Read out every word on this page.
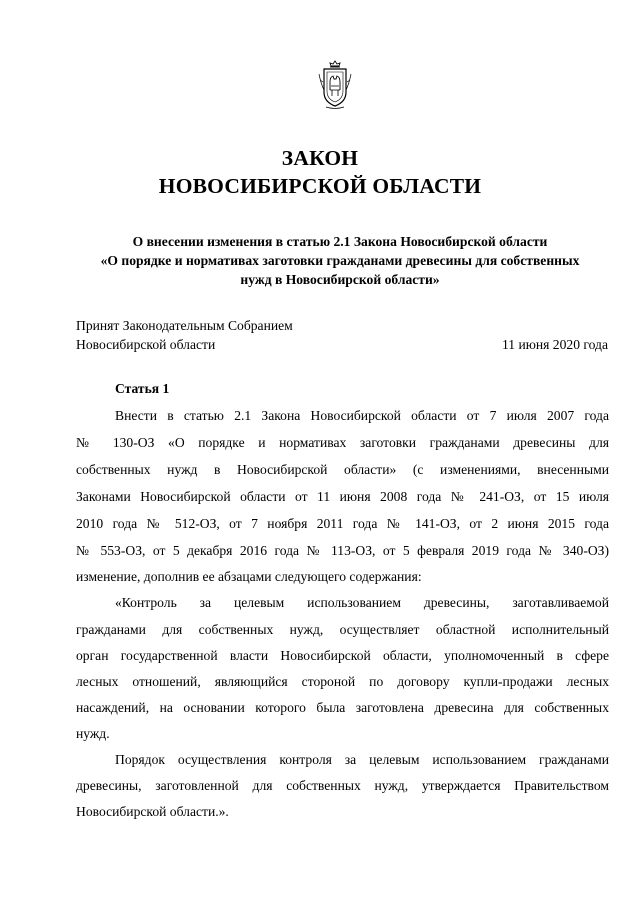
ЗАКОН
НОВОСИБИРСКОЙ ОБЛАСТИ
О внесении изменения в статью 2.1 Закона Новосибирской области
«О порядке и нормативах заготовки гражданами древесины для собственных
нужд в Новосибирской области»
Принят Законодательным Собранием
Новосибирской области	11 июня 2020 года
Статья 1
Внести в статью 2.1 Закона Новосибирской области от 7 июля 2007 года
№ 130-ОЗ «О порядке и нормативах заготовки гражданами древесины для
собственных нужд в Новосибирской области» (с изменениями, внесенными
Законами Новосибирской области от 11 июня 2008 года № 241-ОЗ, от 15 июля
2010 года № 512-ОЗ, от 7 ноября 2011 года № 141-ОЗ, от 2 июня 2015 года
№ 553-ОЗ, от 5 декабря 2016 года № 113-ОЗ, от 5 февраля 2019 года № 340-ОЗ)
изменение, дополнив ее абзацами следующего содержания:
«Контроль за целевым использованием древесины, заготавливаемой
гражданами для собственных нужд, осуществляет областной исполнительный
орган государственной власти Новосибирской области, уполномоченный в сфере
лесных отношений, являющийся стороной по договору купли-продажи лесных
насаждений, на основании которого была заготовлена древесина для собственных
нужд.
Порядок осуществления контроля за целевым использованием гражданами
древесины, заготовленной для собственных нужд, утверждается Правительством
Новосибирской области.».
